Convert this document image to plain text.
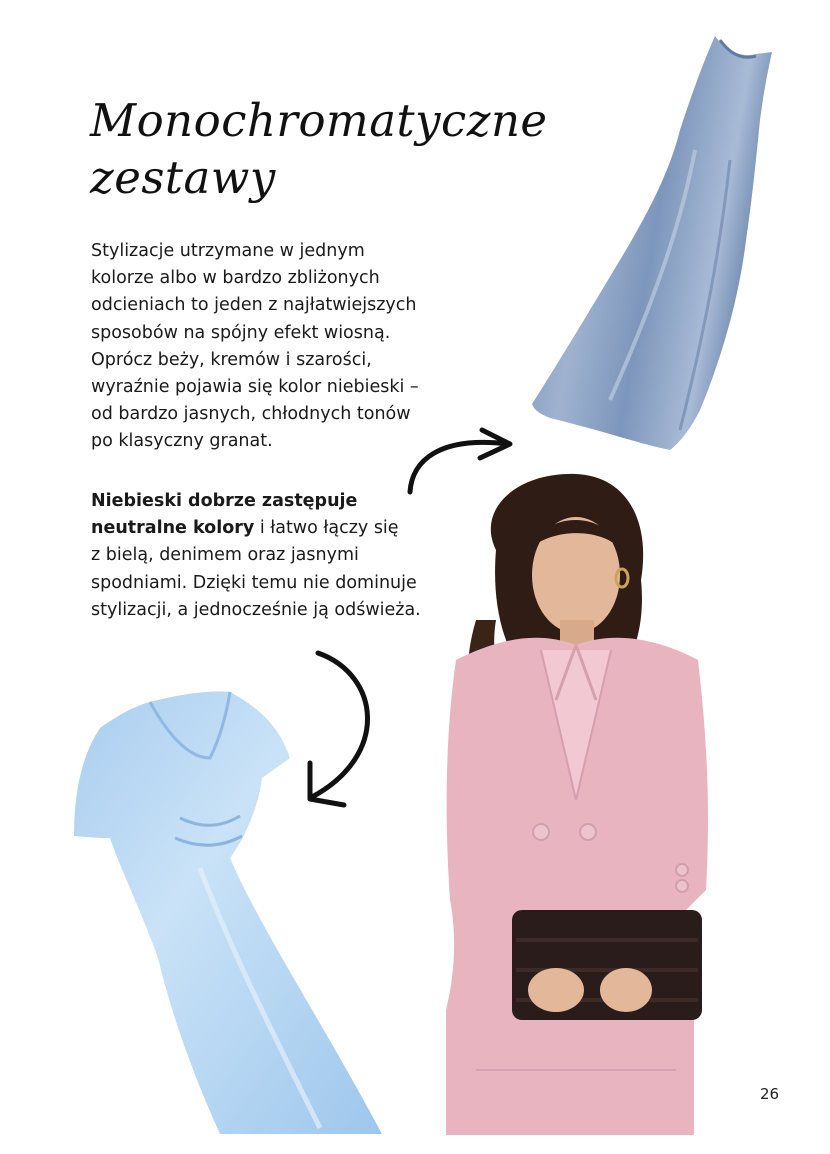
Monochromatyczne
zestawy

Stylizacje utrzymane w jednym
kolorze albo w bardzo zbliżonych
odcieniach to jeden z najłatwiejszych
sposobów na spójny efekt wiosną.
Oprócz beży, kremów i szarości,
wyraźnie pojawia się kolor niebieski –
od bardzo jasnych, chłodnych tonów
po klasyczny granat.

Niebieski dobrze zastępuje
neutralne kolory i łatwo łączy się
z bielą, denimem oraz jasnymi
spodniami. Dzięki temu nie dominuje
stylizacji, a jednocześnie ją odświeża.

26
